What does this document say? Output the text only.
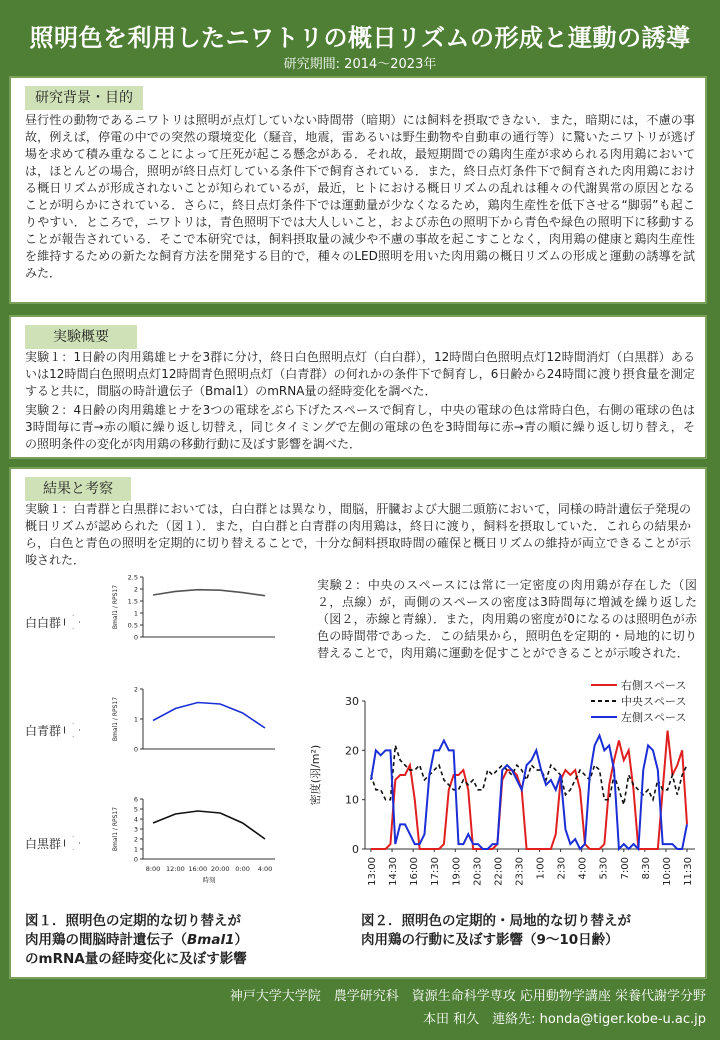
照明色を利用したニワトリの概日リズムの形成と運動の誘導
研究期間: 2014〜2023年
研究背景・目的
昼行性の動物であるニワトリは照明が点灯していない時間帯（暗期）には飼料を摂取できない．また，暗期には，不慮の事故，例えば，停電の中での突然の環境変化（騒音，地震，雷あるいは野生動物や自動車の通行等）に驚いたニワトリが逃げ場を求めて積み重なることによって圧死が起こる懸念がある．それ故，最短期間での鶏肉生産が求められる肉用鶏においては，ほとんどの場合，照明が終日点灯している条件下で飼育されている．また，終日点灯条件下で飼育された肉用鶏における概日リズムが形成されないことが知られているが，最近，ヒトにおける概日リズムの乱れは種々の代謝異常の原因となることが明らかにされている．さらに，終日点灯条件下では運動量が少なくなるため，鶏肉生産性を低下させる“脚弱”も起こりやすい．ところで，ニワトリは，青色照明下では大人しいこと，および赤色の照明下から青色や緑色の照明下に移動することが報告されている．そこで本研究では，飼料摂取量の減少や不慮の事故を起こすことなく，肉用鶏の健康と鶏肉生産性を維持するための新たな飼育方法を開発する目的で，種々のLED照明を用いた肉用鶏の概日リズムの形成と運動の誘導を試みた．
実験概要
実験１：1日齢の肉用鶏雄ヒナを3群に分け，終日白色照明点灯（白白群），12時間白色照明点灯12時間消灯（白黒群）あるいは12時間白色照明点灯12時間青色照明点灯（白青群）の何れかの条件下で飼育し，6日齢から24時間に渡り摂食量を測定すると共に，間脳の時計遺伝子（Bmal1）のmRNA量の経時変化を調べた．
実験２：4日齢の肉用鶏雄ヒナを3つの電球をぶら下げたスペースで飼育し，中央の電球の色は常時白色，右側の電球の色は3時間毎に青→赤の順に繰り返し切替え，同じタイミングで左側の電球の色を3時間毎に赤→青の順に繰り返し切り替え，その照明条件の変化が肉用鶏の移動行動に及ぼす影響を調べた．
結果と考察
実験１：白青群と白黒群においては，白白群とは異なり，間脳，肝臓および大腿二頭筋において，同様の時計遺伝子発現の概日リズムが認められた（図１）．また，白白群と白青群の肉用鶏は，終日に渡り，飼料を摂取していた．これらの結果から，白色と青色の照明を定期的に切り替えることで，十分な飼料摂取時間の確保と概日リズムの維持が両立できることが示唆された．
実験２：中央のスペースには常に一定密度の肉用鶏が存在した（図２，点線）が，両側のスペースの密度は3時間毎に増減を繰り返した（図２，赤線と青線）．また，肉用鶏の密度が0になるのは照明色が赤色の時間帯であった．この結果から，照明色を定期的・局地的に切り替えることで，肉用鶏に運動を促すことができることが示唆された．
白白群
白青群
白黒群
0
0.5
1
1.5
2
2.5
Bmal1 / RPS17
0
1
2
Bmal1 / RPS17
0
1
2
3
4
5
6
Bmal1 / RPS17
8:00 12:00 16:00 20:00 0:00 4:00
時刻
0
10
20
30
密度(羽/m²)
13:00 14:30 16:00 17:30 19:00 20:30 22:00 23:30 1:00 2:30 4:00 5:30 7:00 8:30 10:00 11:30
右側スペース
中央スペース
左側スペース
図１．照明色の定期的な切り替えが
肉用鶏の間脳時計遺伝子（Bmal1）
のmRNA量の経時変化に及ぼす影響
図２．照明色の定期的・局地的な切り替えが
肉用鶏の行動に及ぼす影響（9〜10日齢）
神戸大学大学院　農学研究科　資源生命科学専攻 応用動物学講座 栄養代謝学分野
本田 和久　連絡先: honda@tiger.kobe-u.ac.jp
